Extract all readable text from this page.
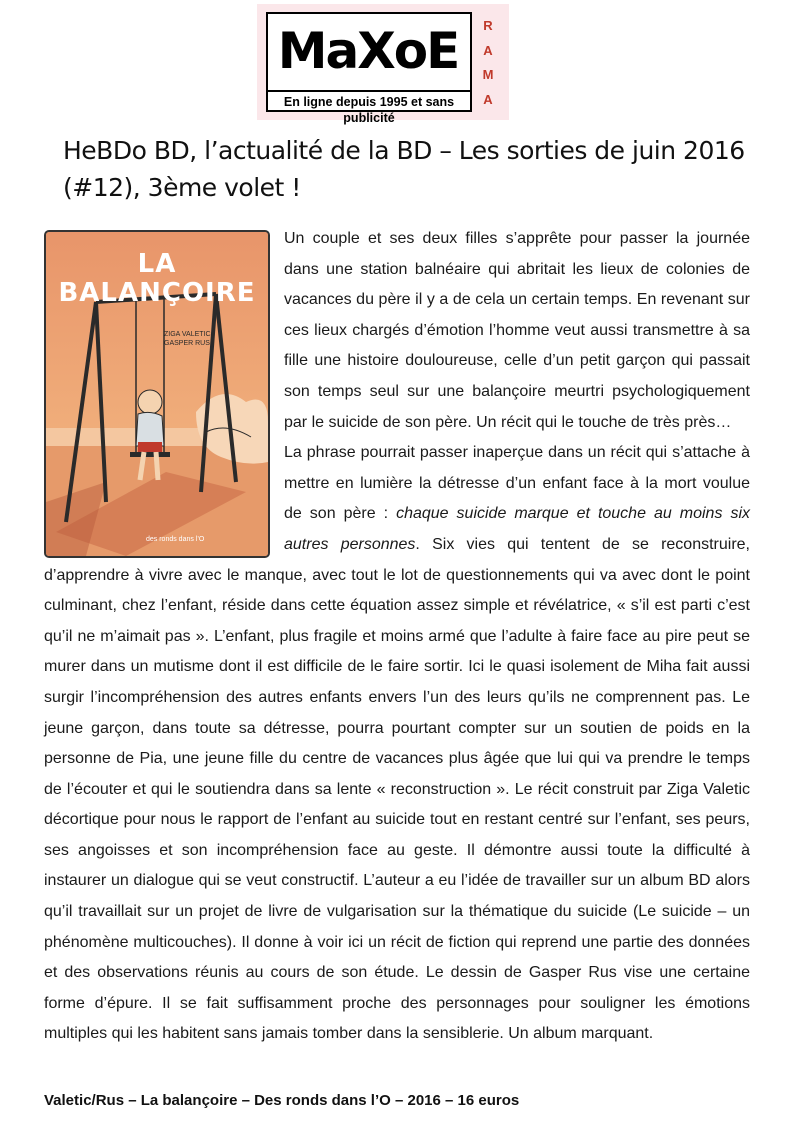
MaXoE
En ligne depuis 1995 et sans publicité
R
A
M
A
HeBDo BD, l’actualité de la BD – Les sorties de juin 2016 (#12), 3ème volet !

Un couple et ses deux filles s’apprête pour passer la journée dans une station balnéaire qui abritait les lieux de colonies de vacances du père il y a de cela un certain temps. En revenant sur ces lieux chargés d’émotion l’homme veut aussi transmettre à sa fille une histoire douloureuse, celle d’un petit garçon qui passait son temps seul sur une balançoire meurtri psychologiquement par le suicide de son père. Un récit qui le touche de très près…

La phrase pourrait passer inaperçue dans un récit qui s’attache à mettre en lumière la détresse d’un enfant face à la mort voulue de son père : chaque suicide marque et touche au moins six autres personnes. Six vies qui tentent de se reconstruire, d’apprendre à vivre avec le manque, avec tout le lot de questionnements qui va avec dont le point culminant, chez l’enfant, réside dans cette équation assez simple et révélatrice, « s’il est parti c’est qu’il ne m’aimait pas ». L’enfant, plus fragile et moins armé que l’adulte à faire face au pire peut se murer dans un mutisme dont il est difficile de le faire sortir. Ici le quasi isolement de Miha fait aussi surgir l’incompréhension des autres enfants envers l’un des leurs qu’ils ne comprennent pas. Le jeune garçon, dans toute sa détresse, pourra pourtant compter sur un soutien de poids en la personne de Pia, une jeune fille du centre de vacances plus âgée que lui qui va prendre le temps de l’écouter et qui le soutiendra dans sa lente « reconstruction ». Le récit construit par Ziga Valetic décortique pour nous le rapport de l’enfant au suicide tout en restant centré sur l’enfant, ses peurs, ses angoisses et son incompréhension face au geste. Il démontre aussi toute la difficulté à instaurer un dialogue qui se veut constructif. L’auteur a eu l’idée de travailler sur un album BD alors qu’il travaillait sur un projet de livre de vulgarisation sur la thématique du suicide (Le suicide – un phénomène multicouches). Il donne à voir ici un récit de fiction qui reprend une partie des données et des observations réunis au cours de son étude. Le dessin de Gasper Rus vise une certaine forme d’épure. Il se fait suffisamment proche des personnages pour souligner les émotions multiples qui les habitent sans jamais tomber dans la sensiblerie. Un album marquant.

LA
BALANÇOIRE
ZIGA VALETIC
GASPER RUS
des ronds dans l’O
Valetic/Rus – La balançoire – Des ronds dans l’O – 2016 – 16 euros
